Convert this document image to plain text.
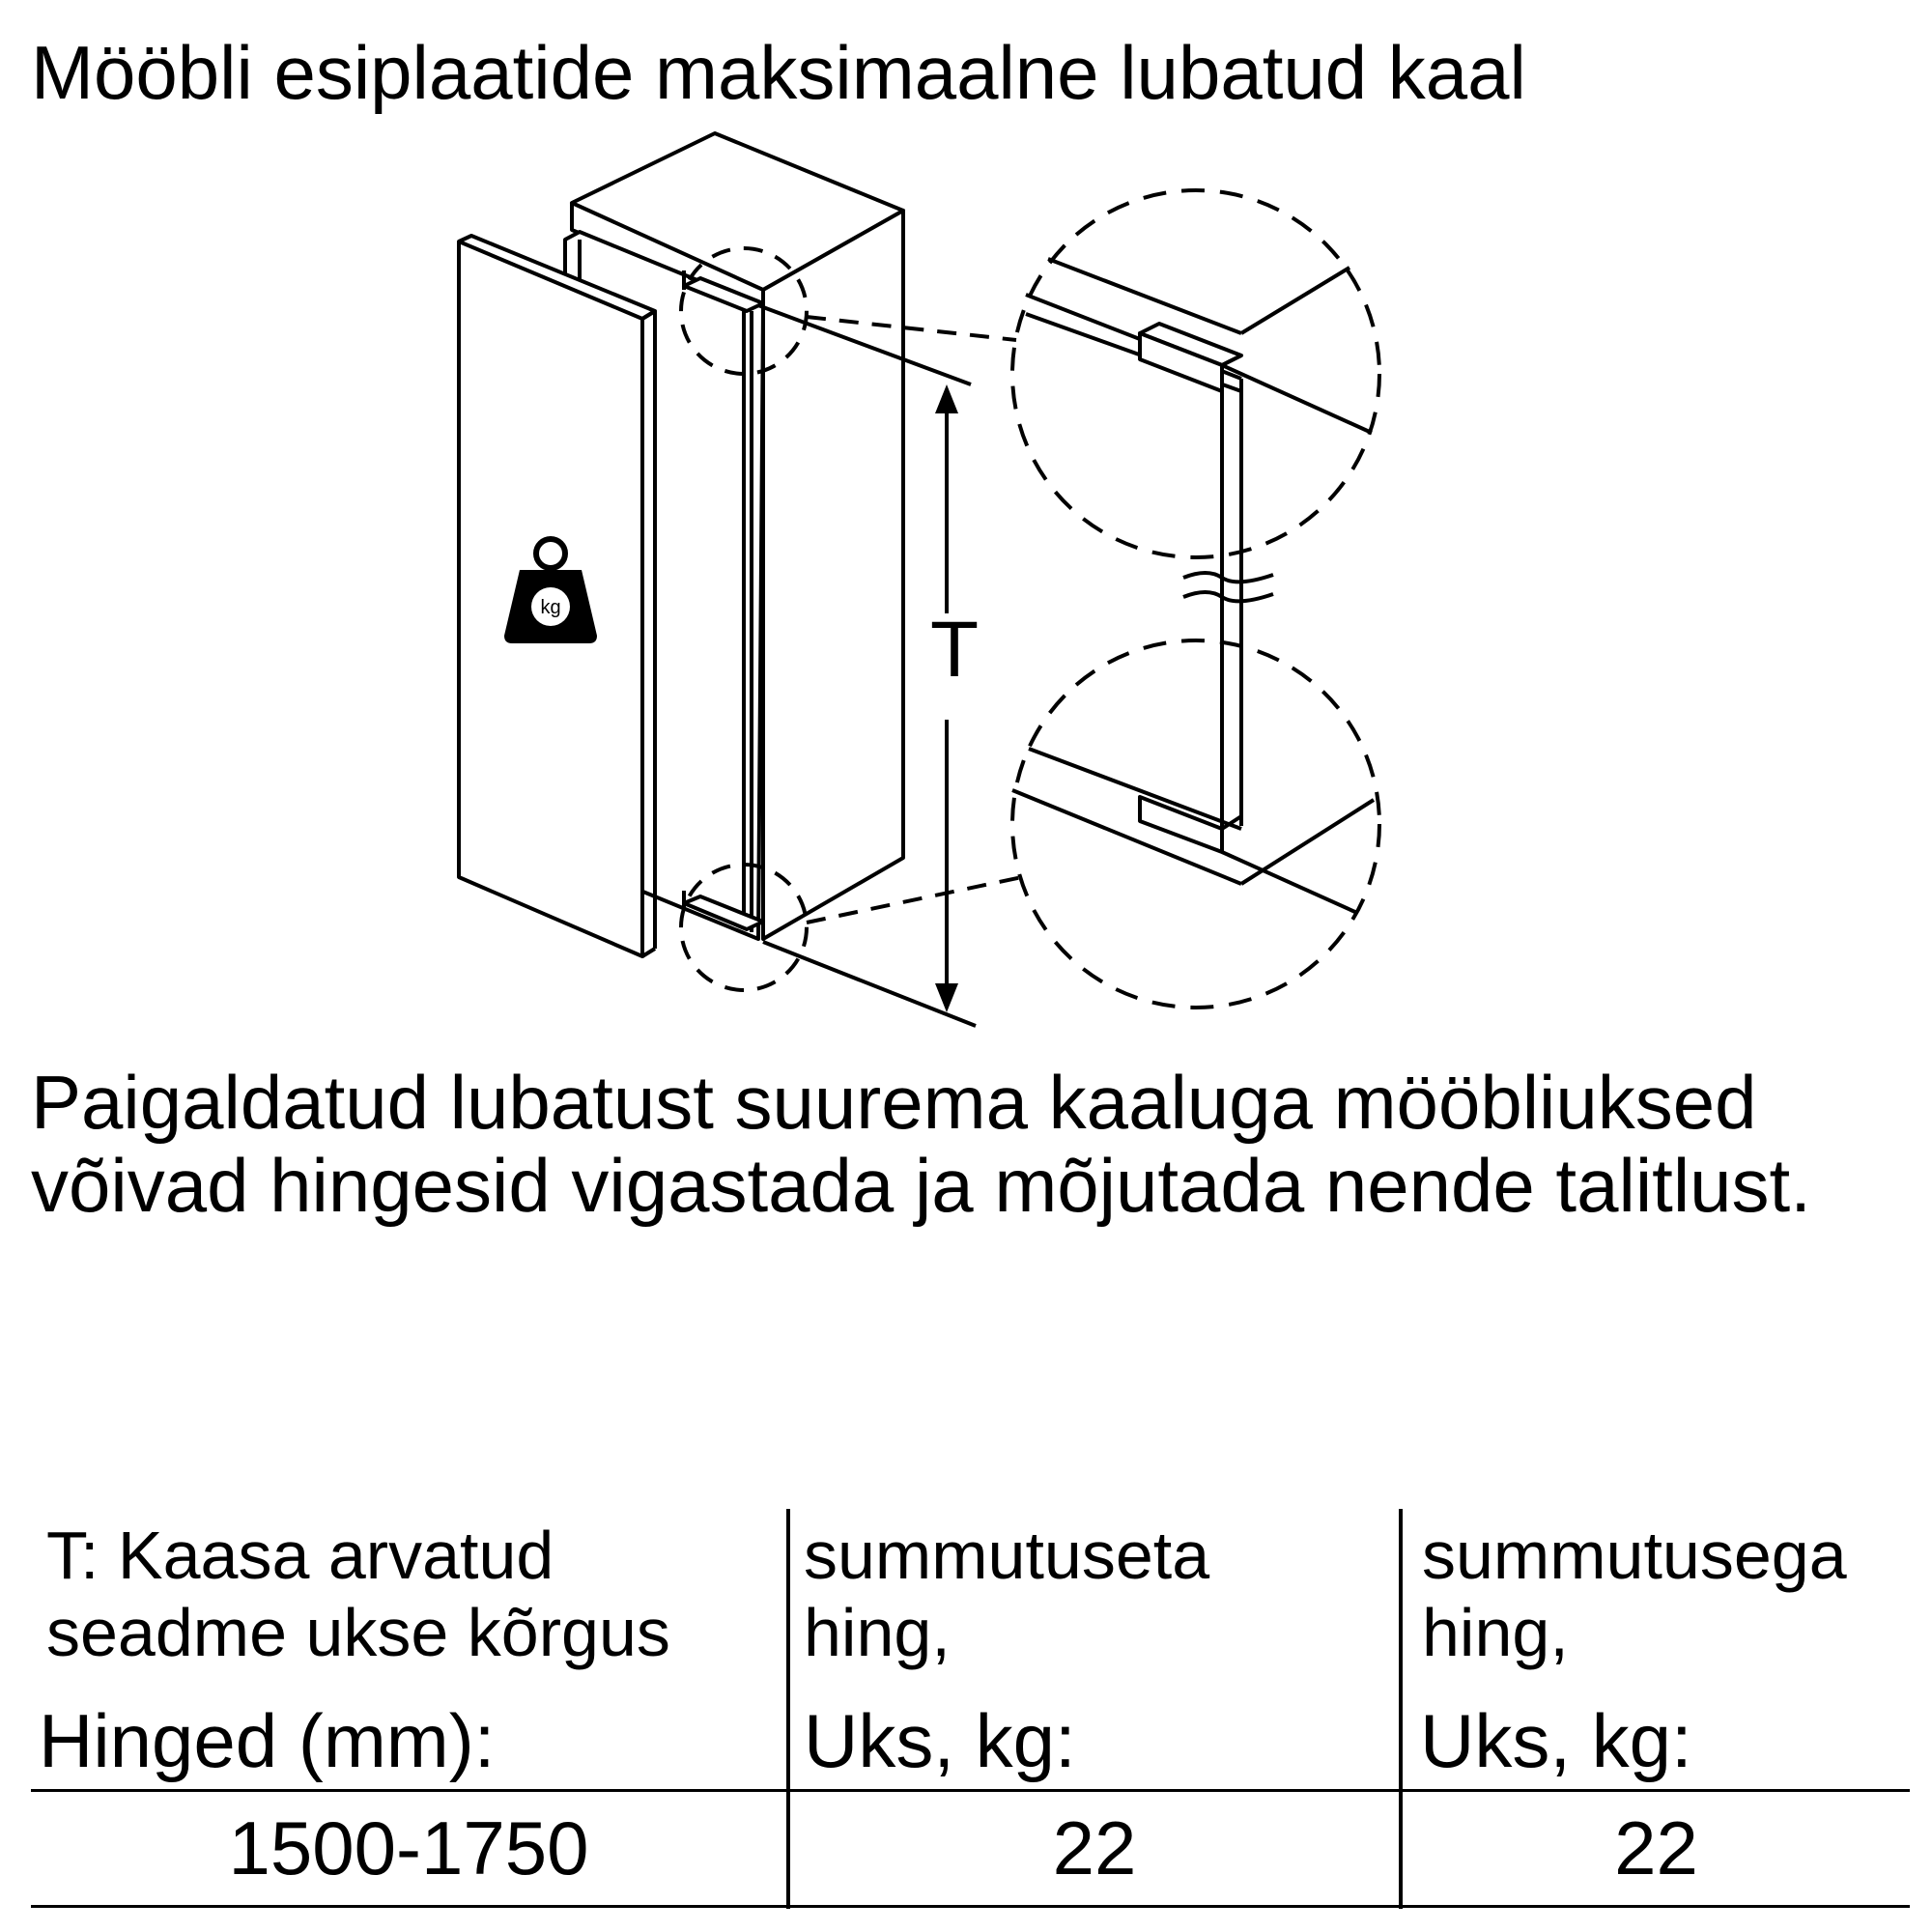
Mööbli esiplaatide maksimaalne lubatud kaal
T
kg
Paigaldatud lubatust suurema kaaluga mööbliuksed
võivad hingesid vigastada ja mõjutada nende talitlust.
T: Kaasa arvatud
seadme ukse kõrgus
Hinged (mm):
summutuseta
hing,
Uks, kg:
summutusega
hing,
Uks, kg:
1500-1750	22	22
